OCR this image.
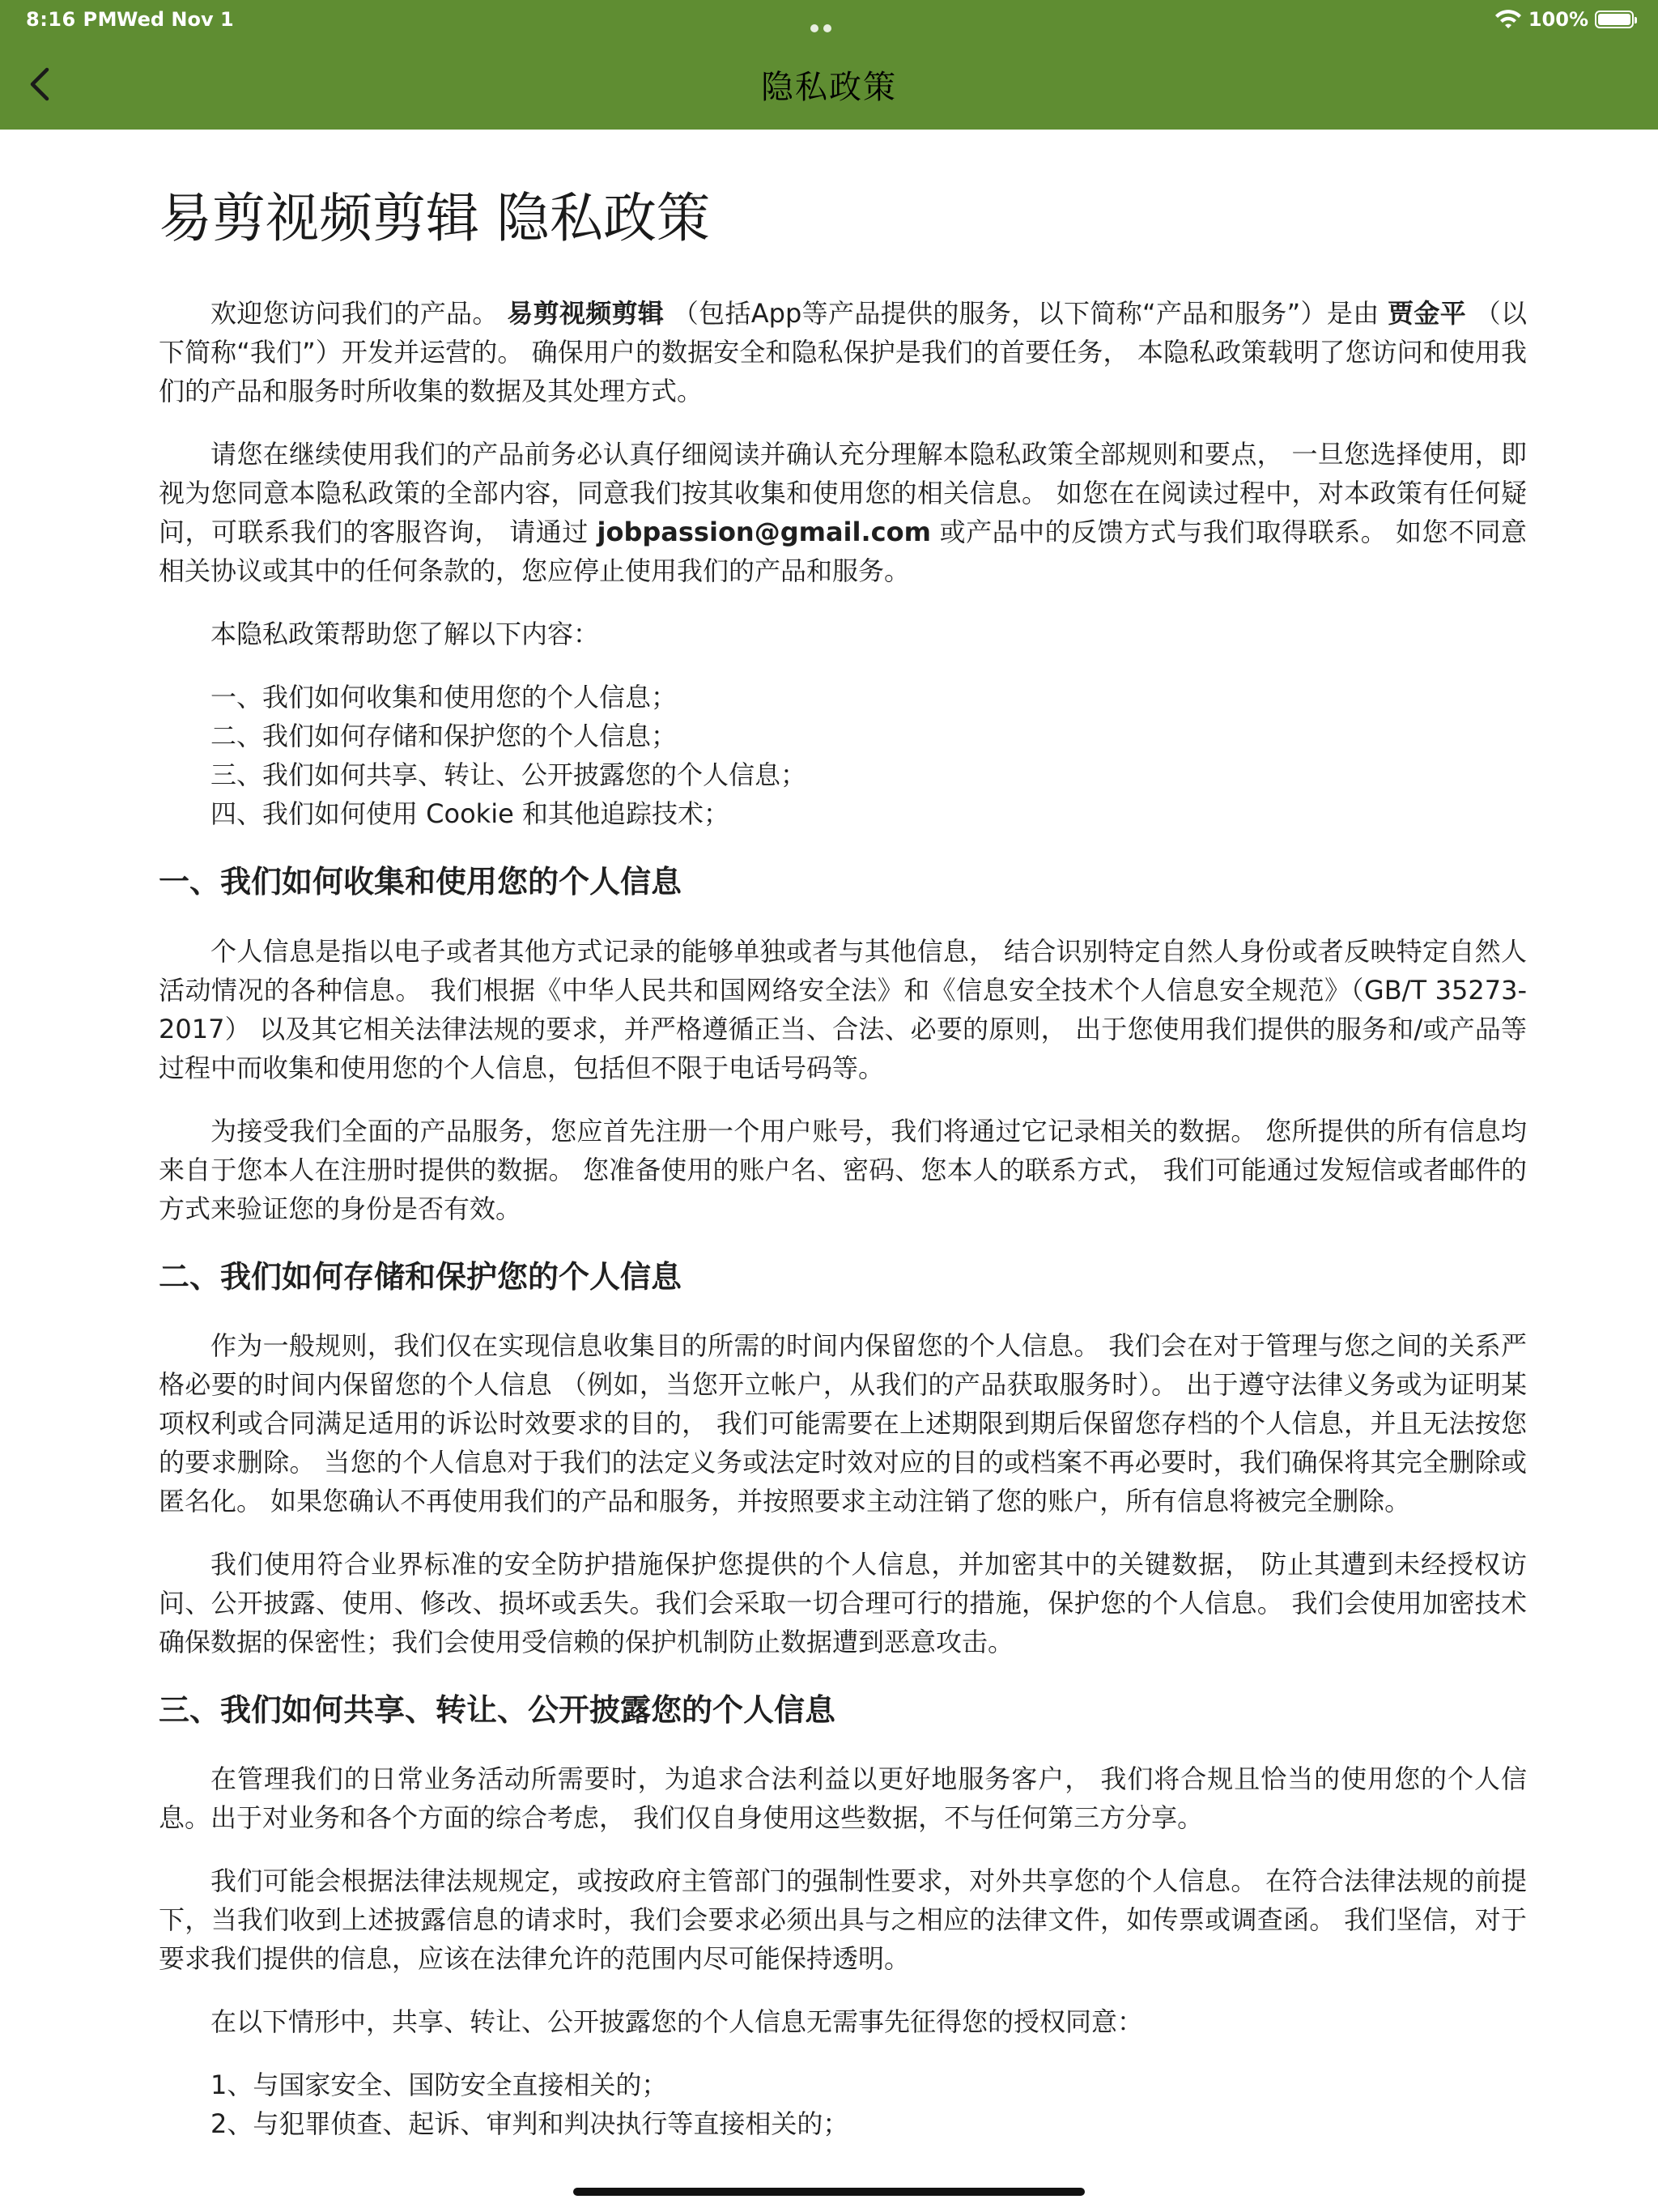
8:16 PM
Wed Nov 1	100%
隐私政策
易剪视频剪辑 隐私政策

欢迎您访问我们的产品。 易剪视频剪辑 （包括App等产品提供的服务，以下简称“产品和服务”）是由 贾金平 （以下简称“我们”）开发并运营的。 确保用户的数据安全和隐私保护是我们的首要任务， 本隐私政策载明了您访问和使用我们的产品和服务时所收集的数据及其处理方式。

请您在继续使用我们的产品前务必认真仔细阅读并确认充分理解本隐私政策全部规则和要点， 一旦您选择使用，即视为您同意本隐私政策的全部内容，同意我们按其收集和使用您的相关信息。 如您在在阅读过程中，对本政策有任何疑问，可联系我们的客服咨询， 请通过 jobpassion@gmail.com 或产品中的反馈方式与我们取得联系。 如您不同意相关协议或其中的任何条款的，您应停止使用我们的产品和服务。

本隐私政策帮助您了解以下内容：

一、我们如何收集和使用您的个人信息；
二、我们如何存储和保护您的个人信息；
三、我们如何共享、转让、公开披露您的个人信息；
四、我们如何使用 Cookie 和其他追踪技术；
一、我们如何收集和使用您的个人信息

个人信息是指以电子或者其他方式记录的能够单独或者与其他信息， 结合识别特定自然人身份或者反映特定自然人活动情况的各种信息。 我们根据《中华人民共和国网络安全法》和《信息安全技术个人信息安全规范》（GB/T 35273-2017） 以及其它相关法律法规的要求，并严格遵循正当、合法、必要的原则， 出于您使用我们提供的服务和/或产品等过程中而收集和使用您的个人信息，包括但不限于电话号码等。

为接受我们全面的产品服务，您应首先注册一个用户账号，我们将通过它记录相关的数据。 您所提供的所有信息均来自于您本人在注册时提供的数据。 您准备使用的账户名、密码、您本人的联系方式， 我们可能通过发短信或者邮件的方式来验证您的身份是否有效。

二、我们如何存储和保护您的个人信息

作为一般规则，我们仅在实现信息收集目的所需的时间内保留您的个人信息。 我们会在对于管理与您之间的关系严格必要的时间内保留您的个人信息 （例如，当您开立帐户，从我们的产品获取服务时）。 出于遵守法律义务或为证明某项权利或合同满足适用的诉讼时效要求的目的， 我们可能需要在上述期限到期后保留您存档的个人信息，并且无法按您的要求删除。 当您的个人信息对于我们的法定义务或法定时效对应的目的或档案不再必要时，我们确保将其完全删除或匿名化。 如果您确认不再使用我们的产品和服务，并按照要求主动注销了您的账户，所有信息将被完全删除。

我们使用符合业界标准的安全防护措施保护您提供的个人信息，并加密其中的关键数据， 防止其遭到未经授权访问、公开披露、使用、修改、损坏或丢失。我们会采取一切合理可行的措施，保护您的个人信息。 我们会使用加密技术确保数据的保密性；我们会使用受信赖的保护机制防止数据遭到恶意攻击。

三、我们如何共享、转让、公开披露您的个人信息

在管理我们的日常业务活动所需要时，为追求合法利益以更好地服务客户， 我们将合规且恰当的使用您的个人信息。出于对业务和各个方面的综合考虑， 我们仅自身使用这些数据，不与任何第三方分享。

我们可能会根据法律法规规定，或按政府主管部门的强制性要求，对外共享您的个人信息。 在符合法律法规的前提下，当我们收到上述披露信息的请求时，我们会要求必须出具与之相应的法律文件，如传票或调查函。 我们坚信，对于要求我们提供的信息，应该在法律允许的范围内尽可能保持透明。

在以下情形中，共享、转让、公开披露您的个人信息无需事先征得您的授权同意：

1、与国家安全、国防安全直接相关的；
2、与犯罪侦查、起诉、审判和判决执行等直接相关的；
